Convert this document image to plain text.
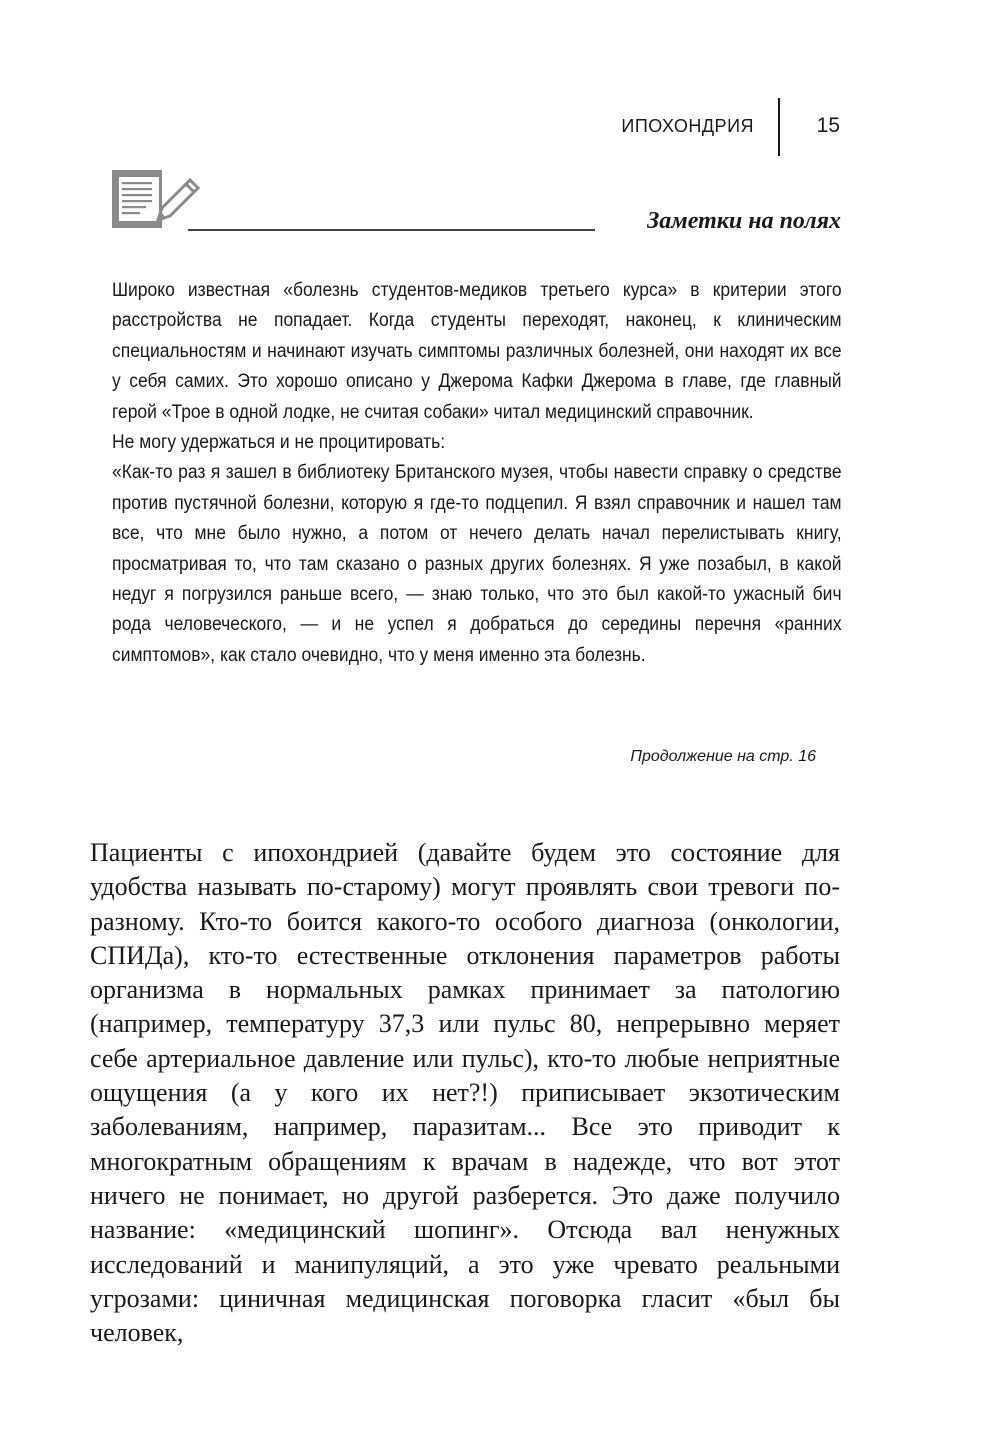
ИПОХОНДРИЯ	15
Заметки на полях

Широко известная «болезнь студентов-медиков третьего курса» в критерии этого расстройства не попадает. Когда студенты переходят, наконец, к клиническим специальностям и начинают изучать симптомы различных болезней, они находят их все у себя самих. Это хорошо описано у Джерома Кафки Джерома в главе, где главный герой «Трое в одной лодке, не считая собаки» читал медицинский справочник.

Не могу удержаться и не процитировать:

«Как-то раз я зашел в библиотеку Британского музея, чтобы навести справку о средстве против пустячной болезни, которую я где-то подцепил. Я взял справочник и нашел там все, что мне было нужно, а потом от нечего делать начал перелистывать книгу, просматривая то, что там сказано о разных других болезнях. Я уже позабыл, в какой недуг я погрузился раньше всего, — знаю только, что это был какой-то ужасный бич рода человеческого, — и не успел я добраться до середины перечня «ранних симптомов», как стало очевидно, что у меня именно эта болезнь.

Продолжение на стр. 16

Пациенты с ипохондрией (давайте будем это состояние для удобства называть по-старому) могут проявлять свои тревоги по-разному. Кто-то боится какого-то особого диагноза (онкологии, СПИДа), кто-то естественные отклонения параметров работы организма в нормальных рамках принимает за патологию (например, температуру 37,3 или пульс 80, непрерывно меряет себе артериальное давление или пульс), кто-то любые неприятные ощущения (а у кого их нет?!) приписывает экзотическим заболеваниям, например, паразитам... Все это приводит к многократным обращениям к врачам в надежде, что вот этот ничего не понимает, но другой разберется. Это даже получило название: «медицинский шопинг». Отсюда вал ненужных исследований и манипуляций, а это уже чревато реальными угрозами: циничная медицинская поговорка гласит «был бы человек,
